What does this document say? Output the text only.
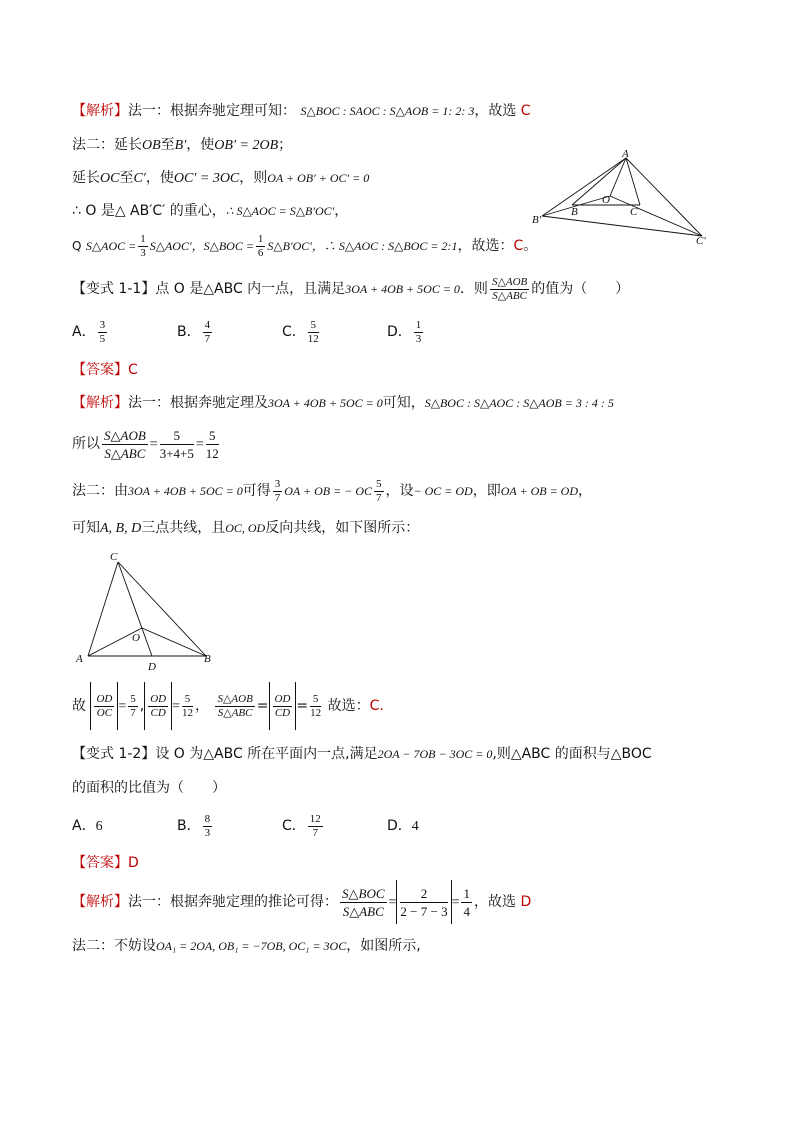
【解析】法一：根据奔驰定理可知： S△BOC : SAOC : S△AOB = 1: 2: 3，故选 C
法二：延长OB至B′，使OB′ = 2OB；
延长OC至C′，使OC′ = 3OC，则OA + OB′ + OC′ = 0
∴ O 是△ AB′C′ 的重心，∴ S△AOC = S△B′OC′，
Q S△AOC = $\frac{1}{3}$ S△AOC′，S△BOC = $\frac{1}{6}$ S△B′OC′，∴ S△AOC : S△BOC = 2:1，故选：C。
A
B	C
O
B′
C′
【变式 1-1】点 O 是△ABC 内一点，且满足3OA + 4OB + 5OC = 0．则 $\frac{\text{S△AOB}}{\text{S△ABC}}$ 的值为（　　）
A． $\frac{3}{5}$	B． $\frac{4}{7}$	C． $\frac{5}{12}$	D． $\frac{1}{3}$
【答案】C
【解析】法一：根据奔驰定理及3OA + 4OB + 5OC = 0可知，S△BOC : S△AOC : S△AOB = 3 : 4 : 5
所以 $\frac{\text{S△AOB}}{\text{S△ABC}} = \frac{5}{3+4+5} = \frac{5}{12}$
法二：由3OA + 4OB + 5OC = 0可得 $\frac{3}{7}$ OA + OB = − OC $\frac{5}{7}$ ，设− OC = OD，即OA + OB = OD，
可知A, B, D三点共线，且OC, OD反向共线，如下图所示：
C
A	B
D
O
故 $\frac{OD}{OC} = \frac{5}{7}$ , $\frac{OD}{CD} = \frac{5}{12}$ ， $\frac{\text{S△AOB}}{\text{S△ABC}} = \frac{OD}{CD} = \frac{5}{12}$ 故选：C.
【变式 1-2】设 O 为△ABC 所在平面内一点,满足2OA − 7OB − 3OC = 0,则△ABC 的面积与△BOC
的面积的比值为（　　）
A．6	B． $\frac{8}{3}$	C． $\frac{12}{7}$	D．4
【答案】D
【解析】法一：根据奔驰定理的推论可得： $\frac{\text{S△BOC}}{\text{S△ABC}} = \frac{2}{2 - 7 - 3} = \frac{1}{4}$ ，故选 D
法二：不妨设OA₁ = 2OA, OB₁ = −7OB, OC₁ = 3OC，如图所示,
